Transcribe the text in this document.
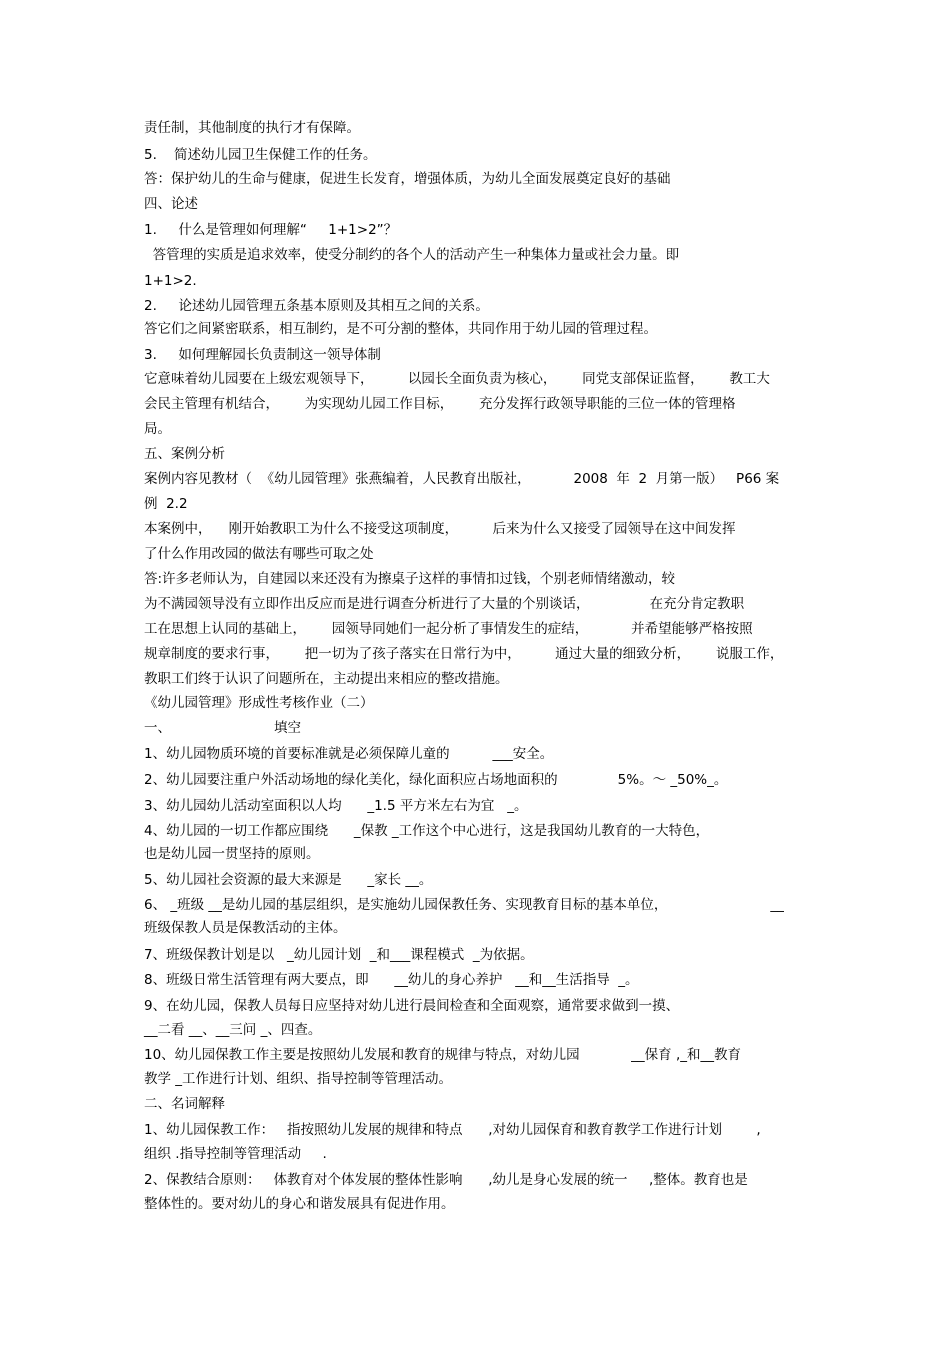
责任制，其他制度的执行才有保障。
5.    简述幼儿园卫生保健工作的任务。
答：保护幼儿的生命与健康，促进生长发育，增强体质，为幼儿全面发展奠定良好的基础
四、论述
1.     什么是管理如何理解“     1+1>2”？
答管理的实质是追求效率，使受分制约的各个人的活动产生一种集体力量或社会力量。即
1+1>2.
2.     论述幼儿园管理五条基本原则及其相互之间的关系。
答它们之间紧密联系，相互制约，是不可分割的整体，共同作用于幼儿园的管理过程。
3.     如何理解园长负责制这一领导体制
它意味着幼儿园要在上级宏观领导下，        以园长全面负责为核心，      同党支部保证监督，      教工大
会民主管理有机结合，      为实现幼儿园工作目标，      充分发挥行政领导职能的三位一体的管理格
局。
五、案例分析
案例内容见教材（  《幼儿园管理》张燕编着，人民教育出版社，          2008  年  2  月第一版）   P66 案
例  2.2
本案例中，    刚开始教职工为什么不接受这项制度，        后来为什么又接受了园领导在这中间发挥
了什么作用改园的做法有哪些可取之处
答:许多老师认为，自建园以来还没有为擦桌子这样的事情扣过钱，个别老师情绪激动，较
为不满园领导没有立即作出反应而是进行调查分析进行了大量的个别谈话，              在充分肯定教职
工在思想上认同的基础上，      园领导同她们一起分析了事情发生的症结，          并希望能够严格按照
规章制度的要求行事，      把一切为了孩子落实在日常行为中，        通过大量的细致分析，      说服工作，
教职工们终于认识了问题所在，主动提出来相应的整改措施。
《幼儿园管理》形成性考核作业（二）
一、                        填空
1、幼儿园物质环境的首要标准就是必须保障儿童的          ___安全。
2、幼儿园要注重户外活动场地的绿化美化，绿化面积应占场地面积的              5%。～ _50%_。
3、幼儿园幼儿活动室面积以人均      _1.5 平方米左右为宜   _。
4、幼儿园的一切工作都应围绕      _保教 _工作这个中心进行，这是我国幼儿教育的一大特色，
也是幼儿园一贯坚持的原则。
5、幼儿园社会资源的最大来源是      _家长 __。
6、 _班级 __是幼儿园的基层组织，是实施幼儿园保教任务、实现教育目标的基本单位，                        __
班级保教人员是保教活动的主体。
7、班级保教计划是以   _幼儿园计划  _和___课程模式  _为依据。
8、班级日常生活管理有两大要点，即      __幼儿的身心养护   __和__生活指导  _。
9、在幼儿园，保教人员每日应坚持对幼儿进行晨间检查和全面观察，通常要求做到一摸、
__二看 __、__三问 _、四查。
10、幼儿园保教工作主要是按照幼儿发展和教育的规律与特点，对幼儿园            __保育 ,_和__教育
教学 _工作进行计划、组织、指导控制等管理活动。
二、名词解释
1、幼儿园保教工作：   指按照幼儿发展的规律和特点      ,对幼儿园保育和教育教学工作进行计划        ,
组织 .指导控制等管理活动     .
2、保教结合原则：   体教育对个体发展的整体性影响      ,幼儿是身心发展的统一     ,整体。教育也是
整体性的。要对幼儿的身心和谐发展具有促进作用。
